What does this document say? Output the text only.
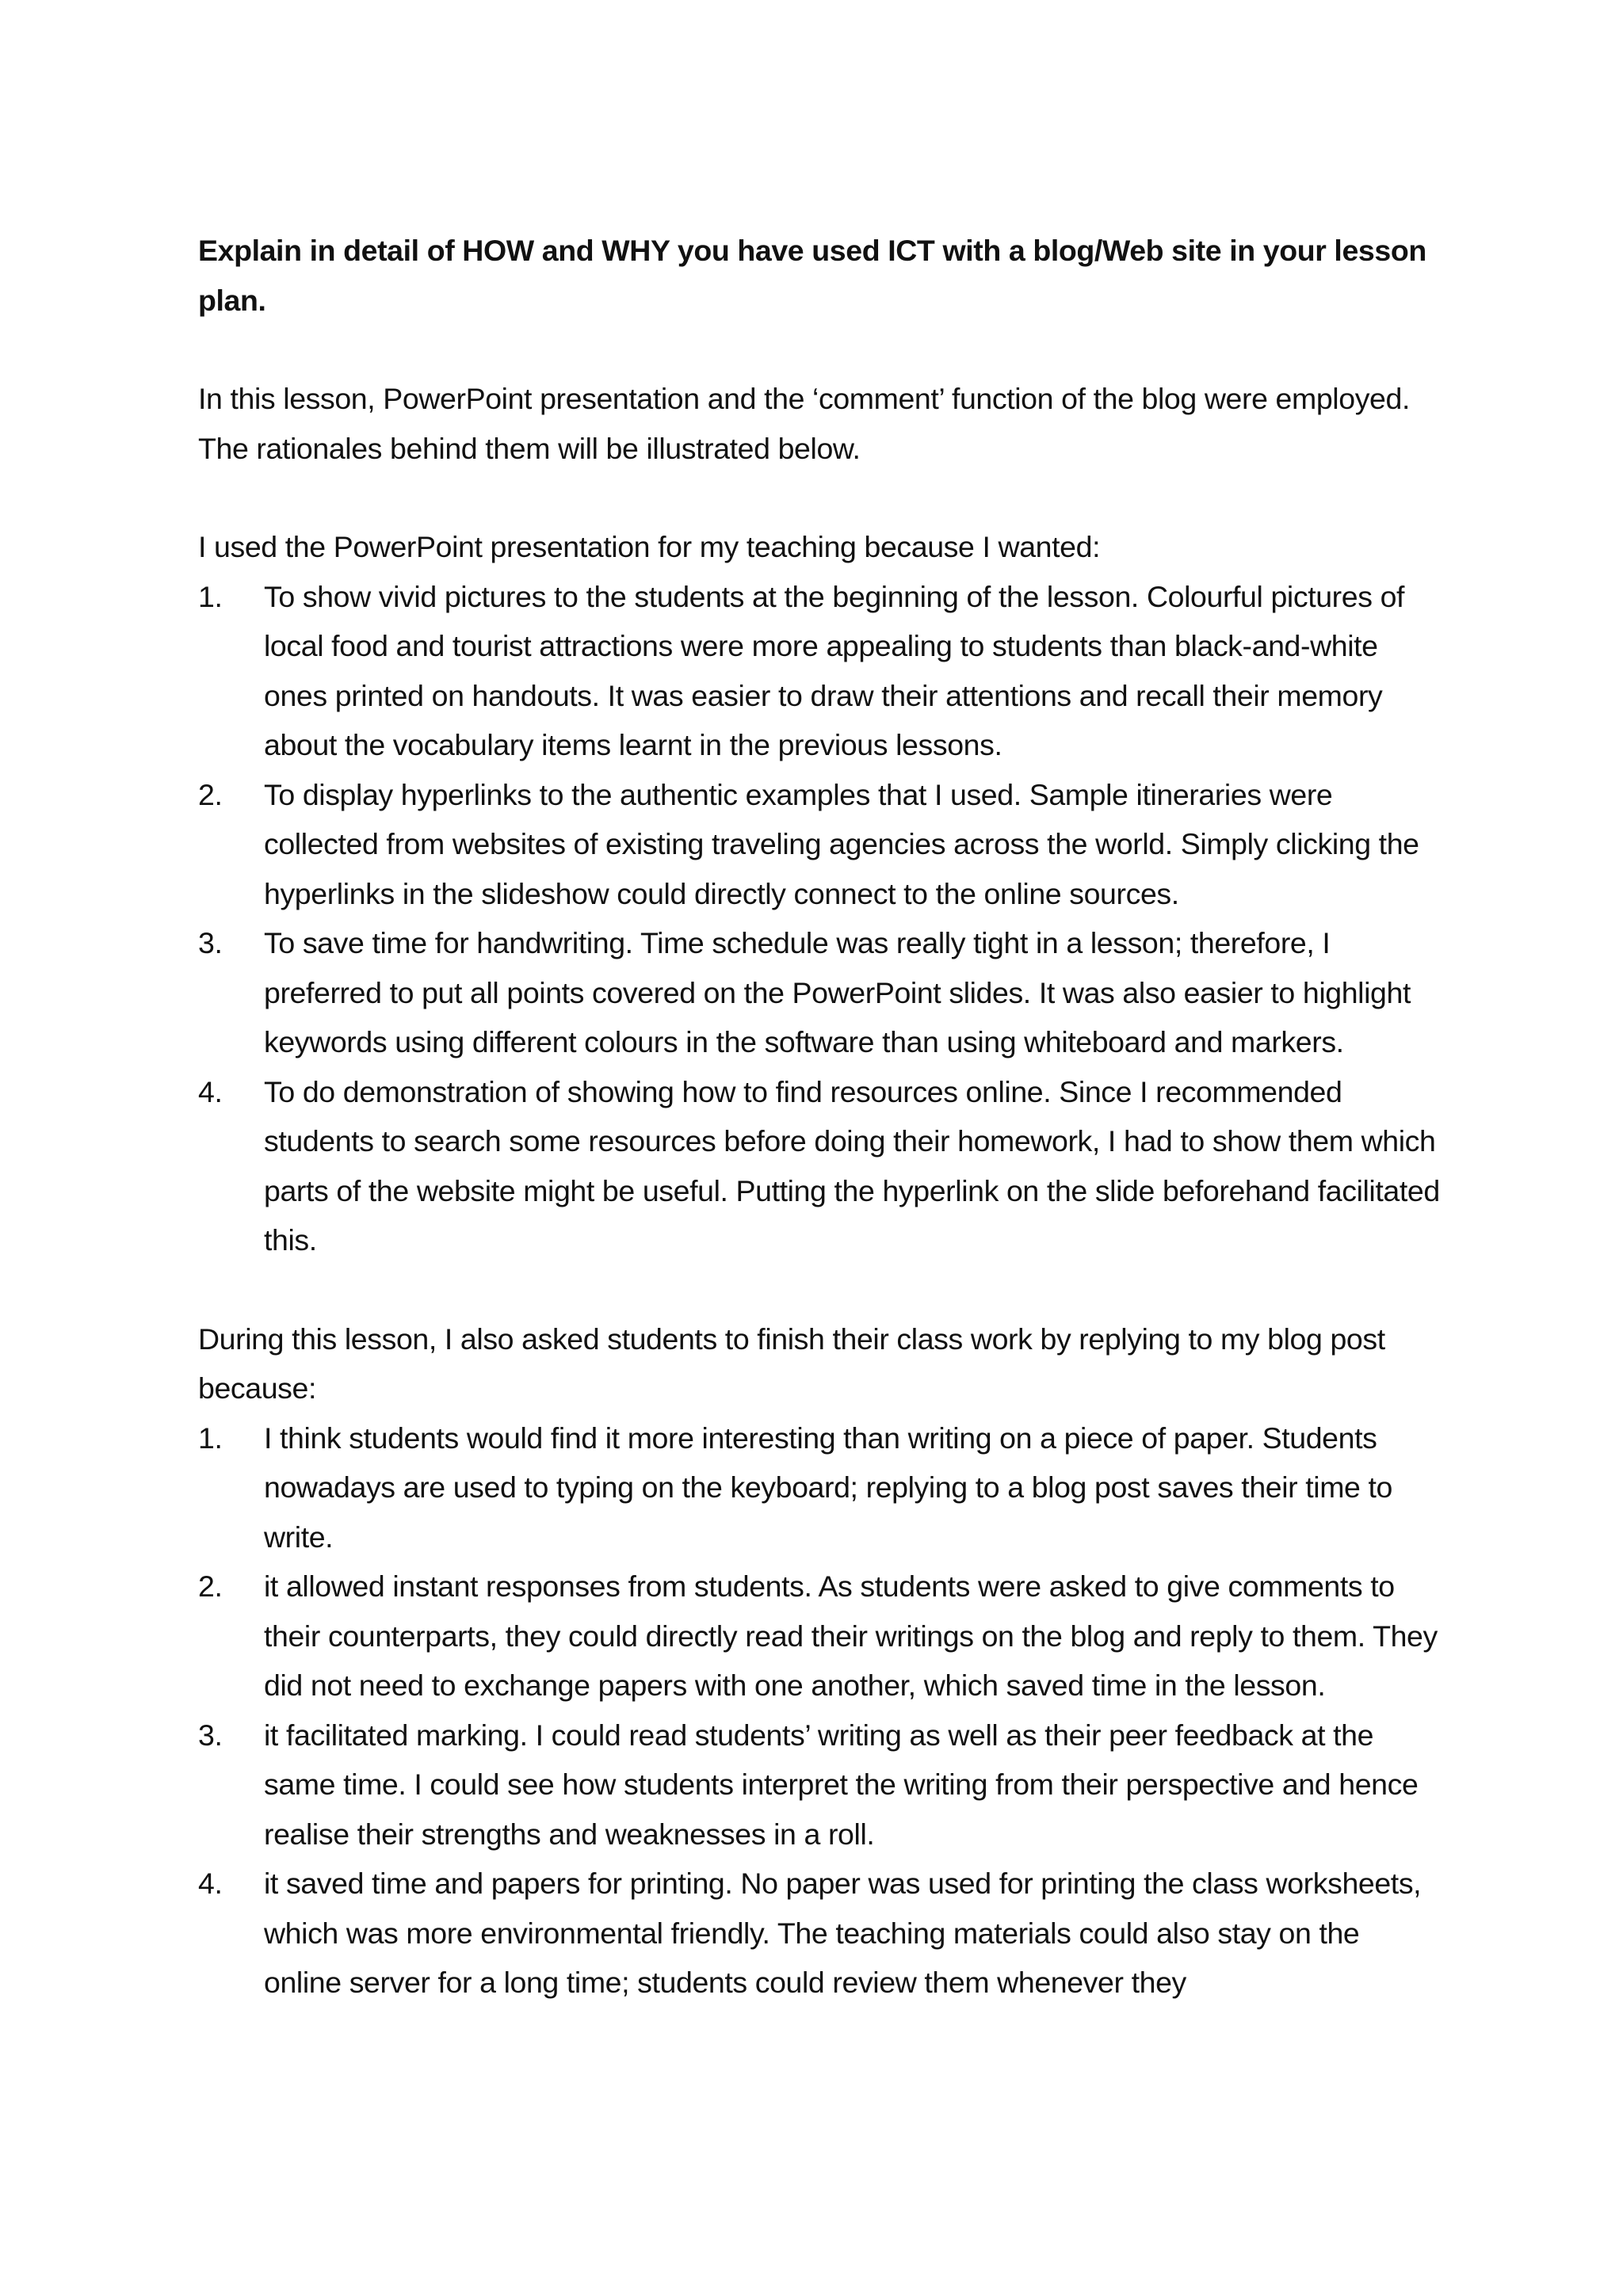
Explain in detail of HOW and WHY you have used ICT with a blog/Web site in your lesson plan.

In this lesson, PowerPoint presentation and the ‘comment’ function of the blog were employed. The rationales behind them will be illustrated below.

I used the PowerPoint presentation for my teaching because I wanted:

1.	To show vivid pictures to the students at the beginning of the lesson. Colourful pictures of local food and tourist attractions were more appealing to students than black-and-white ones printed on handouts. It was easier to draw their attentions and recall their memory about the vocabulary items learnt in the previous lessons.
2.	To display hyperlinks to the authentic examples that I used. Sample itineraries were collected from websites of existing traveling agencies across the world. Simply clicking the hyperlinks in the slideshow could directly connect to the online sources.
3.	To save time for handwriting. Time schedule was really tight in a lesson; therefore, I preferred to put all points covered on the PowerPoint slides. It was also easier to highlight keywords using different colours in the software than using whiteboard and markers.
4.	To do demonstration of showing how to find resources online. Since I recommended students to search some resources before doing their homework, I had to show them which parts of the website might be useful. Putting the hyperlink on the slide beforehand facilitated this.

During this lesson, I also asked students to finish their class work by replying to my blog post because:

1.	I think students would find it more interesting than writing on a piece of paper. Students nowadays are used to typing on the keyboard; replying to a blog post saves their time to write.
2.	it allowed instant responses from students. As students were asked to give comments to their counterparts, they could directly read their writings on the blog and reply to them. They did not need to exchange papers with one another, which saved time in the lesson.
3.	it facilitated marking. I could read students’ writing as well as their peer feedback at the same time. I could see how students interpret the writing from their perspective and hence realise their strengths and weaknesses in a roll.
4.	it saved time and papers for printing. No paper was used for printing the class worksheets, which was more environmental friendly. The teaching materials could also stay on the online server for a long time; students could review them whenever they
